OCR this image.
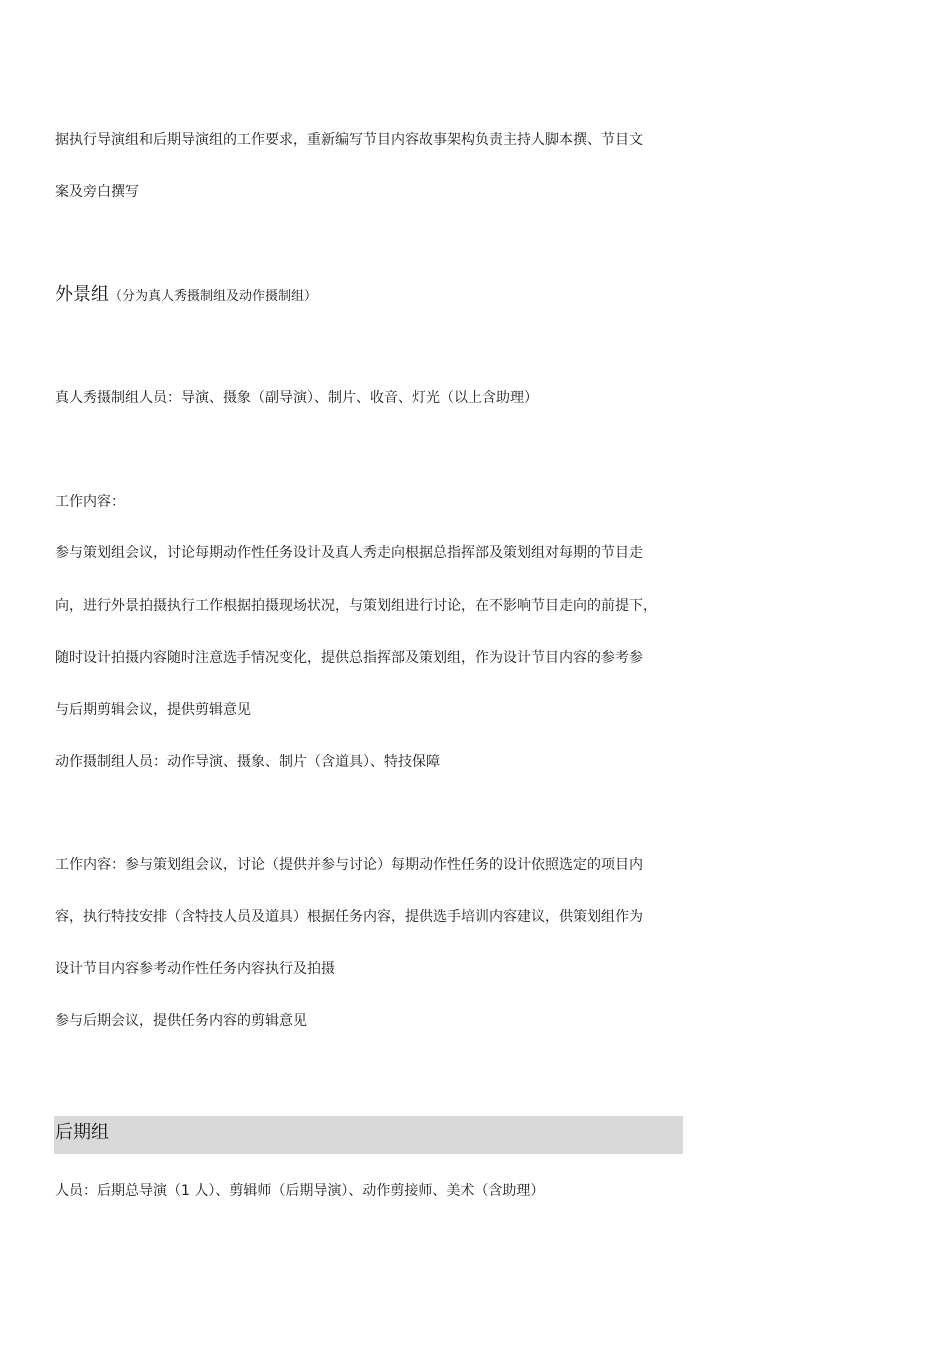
据执行导演组和后期导演组的工作要求，重新编写节目内容故事架构负责主持人脚本撰、节目文
案及旁白撰写
外景组（分为真人秀摄制组及动作摄制组）
真人秀摄制组人员：导演、摄象（副导演）、制片、收音、灯光（以上含助理）
工作内容：
参与策划组会议，讨论每期动作性任务设计及真人秀走向根据总指挥部及策划组对每期的节目走
向，进行外景拍摄执行工作根据拍摄现场状况，与策划组进行讨论，在不影响节目走向的前提下，
随时设计拍摄内容随时注意选手情况变化，提供总指挥部及策划组，作为设计节目内容的参考参
与后期剪辑会议，提供剪辑意见
动作摄制组人员：动作导演、摄象、制片（含道具）、特技保障
工作内容：参与策划组会议，讨论（提供并参与讨论）每期动作性任务的设计依照选定的项目内
容，执行特技安排（含特技人员及道具）根据任务内容，提供选手培训内容建议，供策划组作为
设计节目内容参考动作性任务内容执行及拍摄
参与后期会议，提供任务内容的剪辑意见
后期组
人员：后期总导演（1 人）、剪辑师（后期导演）、动作剪接师、美术（含助理）
